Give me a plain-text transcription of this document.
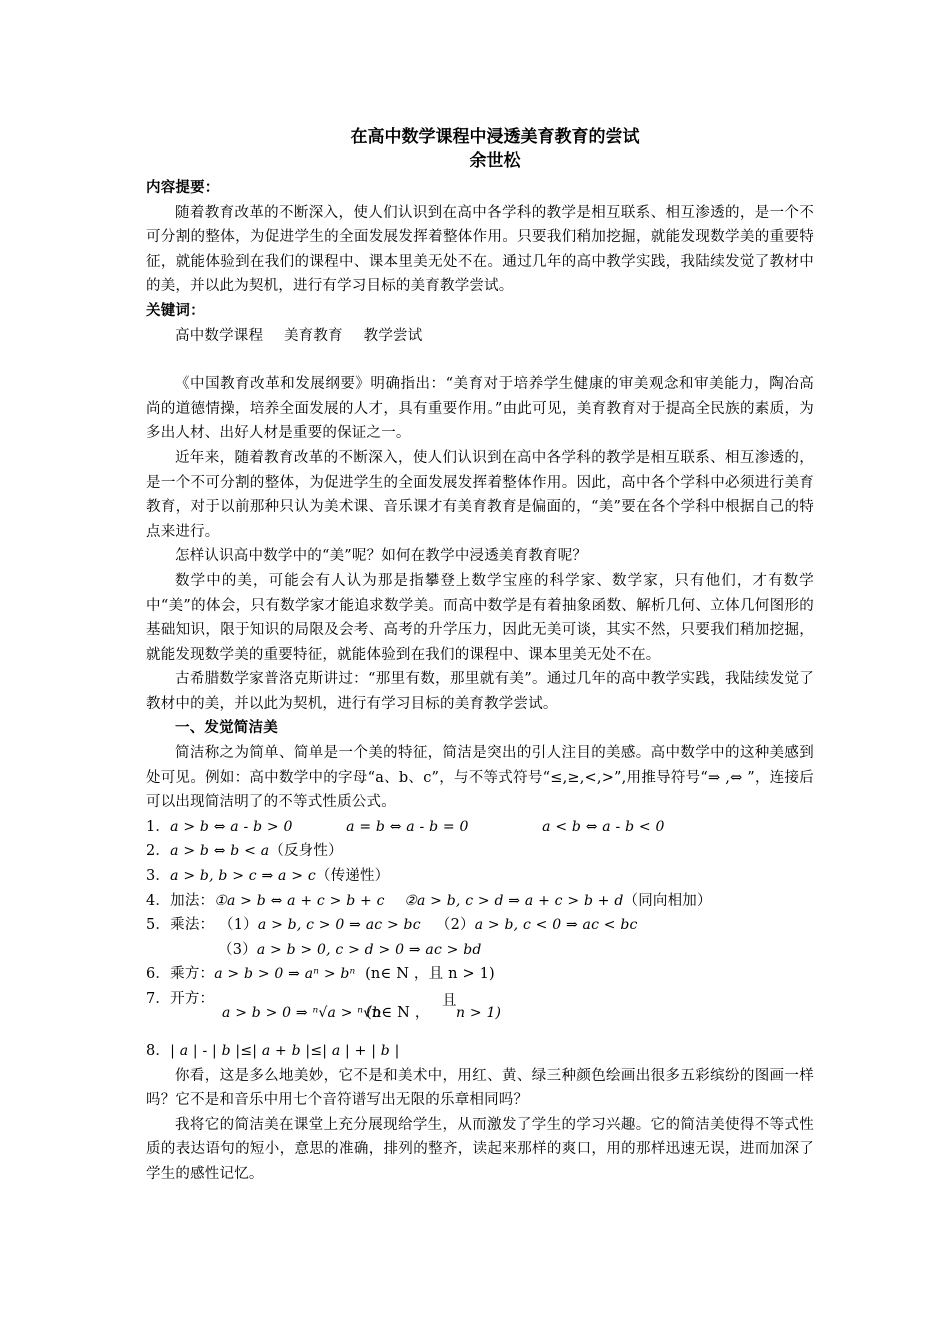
在高中数学课程中浸透美育教育的尝试
余世松
内容提要：

随着教育改革的不断深入，使人们认识到在高中各学科的教学是相互联系、相互渗透的，是一个不可分割的整体，为促进学生的全面发展发挥着整体作用。只要我们稍加挖掘，就能发现数学美的重要特征，就能体验到在我们的课程中、课本里美无处不在。通过几年的高中教学实践，我陆续发觉了教材中的美，并以此为契机，进行有学习目标的美育教学尝试。

关键词：
高中数学课程 美育教育 教学尝试

《中国教育改革和发展纲要》明确指出：“美育对于培养学生健康的审美观念和审美能力，陶冶高尚的道德情操，培养全面发展的人才，具有重要作用。”由此可见，美育教育对于提高全民族的素质，为多出人材、出好人材是重要的保证之一。

近年来，随着教育改革的不断深入，使人们认识到在高中各学科的教学是相互联系、相互渗透的，是一个不可分割的整体，为促进学生的全面发展发挥着整体作用。因此，高中各个学科中必须进行美育教育，对于以前那种只认为美术课、音乐课才有美育教育是偏面的，“美”要在各个学科中根据自己的特点来进行。

怎样认识高中数学中的“美”呢？如何在教学中浸透美育教育呢？

数学中的美，可能会有人认为那是指攀登上数学宝座的科学家、数学家，只有他们，才有数学中“美”的体会，只有数学家才能追求数学美。而高中数学是有着抽象函数、解析几何、立体几何图形的基础知识，限于知识的局限及会考、高考的升学压力，因此无美可谈，其实不然，只要我们稍加挖掘，就能发现数学美的重要特征，就能体验到在我们的课程中、课本里美无处不在。

古希腊数学家普洛克斯讲过：“那里有数，那里就有美”。通过几年的高中教学实践，我陆续发觉了教材中的美，并以此为契机，进行有学习目标的美育教学尝试。

一、发觉简洁美

简洁称之为简单、简单是一个美的特征，简洁是突出的引人注目的美感。高中数学中的这种美感到处可见。例如：高中数学中的字母“a、b、c”，与不等式符号“≤,≥,<,>”,用推导符号“⇒ ,⇔ ”，连接后可以出现简洁明了的不等式性质公式。

1．a > b ⇔ a - b > 0	a = b ⇔ a - b = 0	a < b ⇔ a - b < 0
2．a > b ⇔ b < a（反身性）
3．a > b, b > c ⇒ a > c（传递性）
4．加法：①a > b ⇔ a + c > b + c ②a > b, c > d ⇒ a + c > b + d（同向相加）
5．乘法： （1）a > b, c > 0 ⇒ ac > bc （2）a > b, c < 0 ⇒ ac < bc
（3）a > b > 0, c > d > 0 ⇒ ac > bd
6．乘方：a > b > 0 ⇒ aⁿ > bⁿ (n∈ N ，且 n > 1)
7．开方：
a > b > 0 ⇒ ⁿ√a > ⁿ√b
(n∈ N ，
且
n > 1)
8．| a | - | b |≤| a + b |≤| a | + | b |

你看，这是多么地美妙，它不是和美术中，用红、黄、绿三种颜色绘画出很多五彩缤纷的图画一样吗？它不是和音乐中用七个音符谱写出无限的乐章相同吗？

我将它的简洁美在课堂上充分展现给学生，从而激发了学生的学习兴趣。它的简洁美使得不等式性质的表达语句的短小，意思的准确，排列的整齐，读起来那样的爽口，用的那样迅速无误，进而加深了学生的感性记忆。
